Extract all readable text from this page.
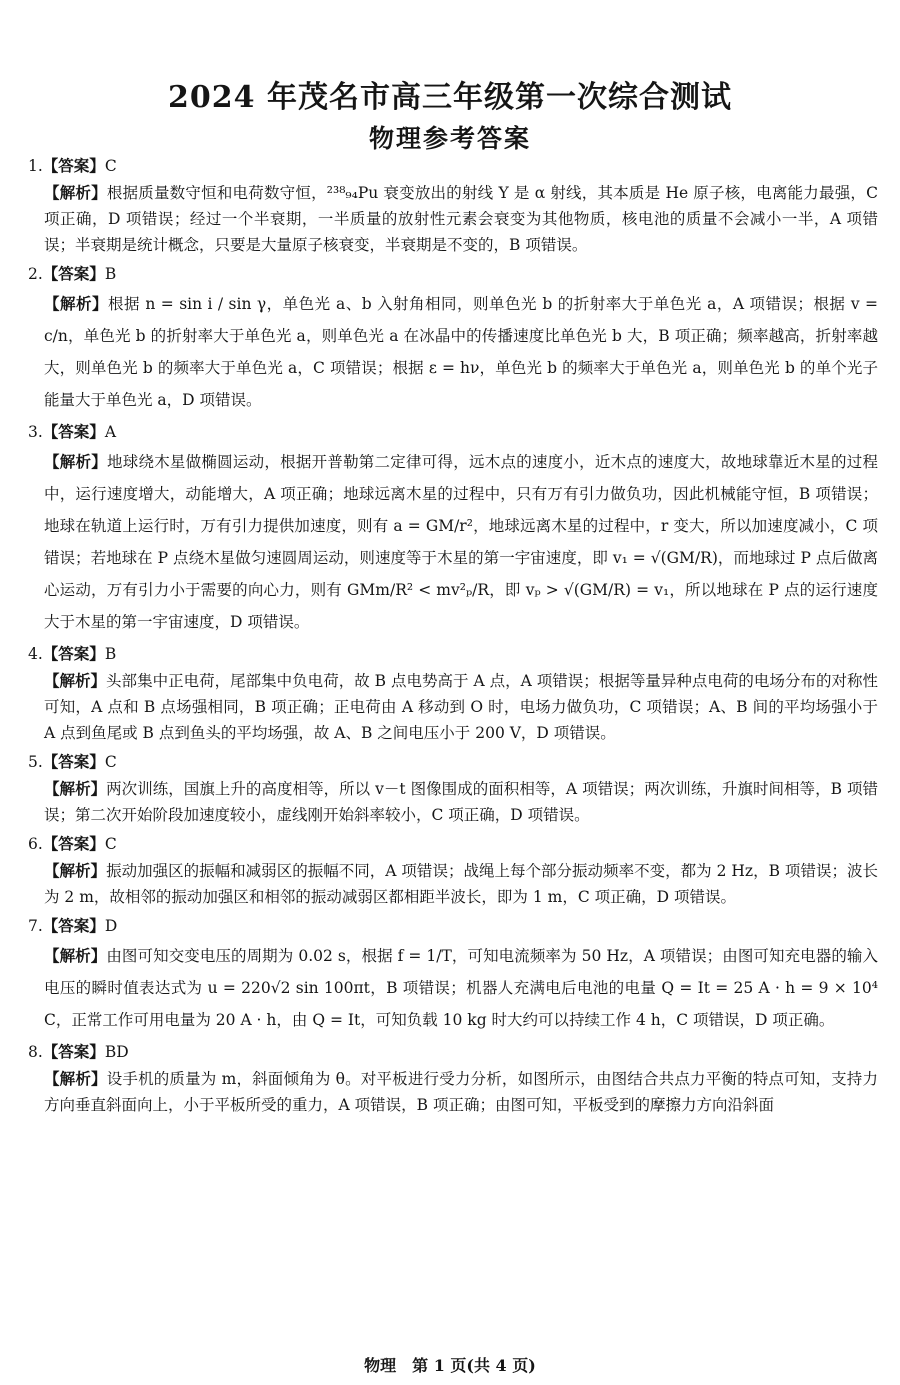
2024 年茂名市高三年级第一次综合测试
物理参考答案
1.【答案】C
【解析】根据质量数守恒和电荷数守恒，²³⁸₉₄Pu 衰变放出的射线 Y 是 α 射线，其本质是 He 原子核，电离能力最强，C 项正确，D 项错误；经过一个半衰期，一半质量的放射性元素会衰变为其他物质，核电池的质量不会减小一半，A 项错误；半衰期是统计概念，只要是大量原子核衰变，半衰期是不变的，B 项错误。
2.【答案】B
【解析】根据 n = sin i / sin γ，单色光 a、b 入射角相同，则单色光 b 的折射率大于单色光 a，A 项错误；根据 v = c/n，单色光 b 的折射率大于单色光 a，则单色光 a 在冰晶中的传播速度比单色光 b 大，B 项正确；频率越高，折射率越大，则单色光 b 的频率大于单色光 a，C 项错误；根据 ε = hν，单色光 b 的频率大于单色光 a，则单色光 b 的单个光子能量大于单色光 a，D 项错误。
3.【答案】A
【解析】地球绕木星做椭圆运动，根据开普勒第二定律可得，远木点的速度小，近木点的速度大，故地球靠近木星的过程中，运行速度增大，动能增大，A 项正确；地球远离木星的过程中，只有万有引力做负功，因此机械能守恒，B 项错误；地球在轨道上运行时，万有引力提供加速度，则有 a = GM/r²，地球远离木星的过程中，r 变大，所以加速度减小，C 项错误；若地球在 P 点绕木星做匀速圆周运动，则速度等于木星的第一宇宙速度，即 v₁ = √(GM/R)，而地球过 P 点后做离心运动，万有引力小于需要的向心力，则有 GMm/R² < mv²ₚ/R，即 vₚ > √(GM/R) = v₁，所以地球在 P 点的运行速度大于木星的第一宇宙速度，D 项错误。
4.【答案】B
【解析】头部集中正电荷，尾部集中负电荷，故 B 点电势高于 A 点，A 项错误；根据等量异种点电荷的电场分布的对称性可知，A 点和 B 点场强相同，B 项正确；正电荷由 A 移动到 O 时，电场力做负功，C 项错误；A、B 间的平均场强小于 A 点到鱼尾或 B 点到鱼头的平均场强，故 A、B 之间电压小于 200 V，D 项错误。
5.【答案】C
【解析】两次训练，国旗上升的高度相等，所以 v－t 图像围成的面积相等，A 项错误；两次训练，升旗时间相等，B 项错误；第二次开始阶段加速度较小，虚线刚开始斜率较小，C 项正确，D 项错误。
6.【答案】C
【解析】振动加强区的振幅和减弱区的振幅不同，A 项错误；战绳上每个部分振动频率不变，都为 2 Hz，B 项错误；波长为 2 m，故相邻的振动加强区和相邻的振动减弱区都相距半波长，即为 1 m，C 项正确，D 项错误。
7.【答案】D
【解析】由图可知交变电压的周期为 0.02 s，根据 f = 1/T，可知电流频率为 50 Hz，A 项错误；由图可知充电器的输入电压的瞬时值表达式为 u = 220√2 sin 100πt，B 项错误；机器人充满电后电池的电量 Q = It = 25 A · h = 9 × 10⁴ C，正常工作可用电量为 20 A · h，由 Q = It，可知负载 10 kg 时大约可以持续工作 4 h，C 项错误，D 项正确。
8.【答案】BD
【解析】设手机的质量为 m，斜面倾角为 θ。对平板进行受力分析，如图所示，由图结合共点力平衡的特点可知，支持力方向垂直斜面向上，小于平板所受的重力，A 项错误，B 项正确；由图可知，平板受到的摩擦力方向沿斜面
物理　第 1 页(共 4 页)
